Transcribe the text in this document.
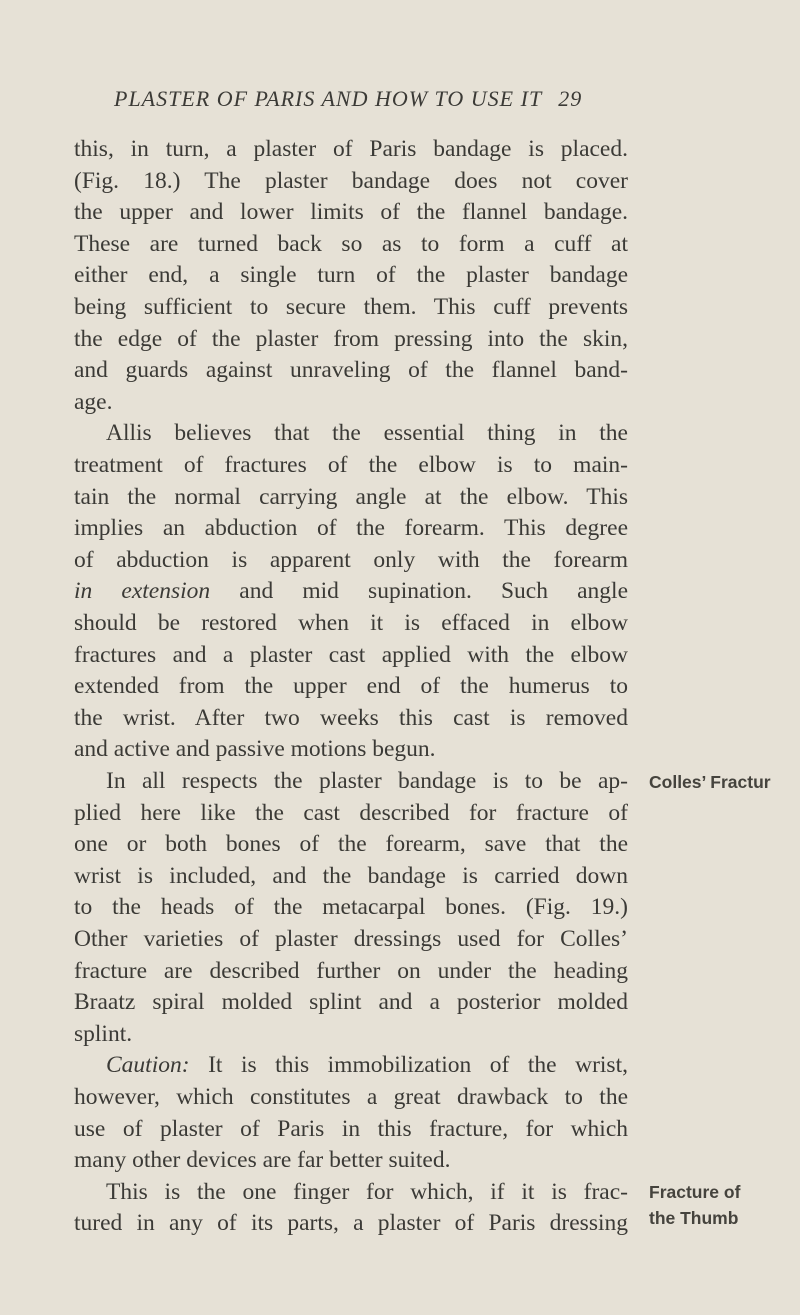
PLASTER OF PARIS AND HOW TO USE IT 29
this, in turn, a plaster of Paris bandage is placed.
(Fig. 18.) The plaster bandage does not cover
the upper and lower limits of the flannel bandage.
These are turned back so as to form a cuff at
either end, a single turn of the plaster bandage
being sufficient to secure them. This cuff prevents
the edge of the plaster from pressing into the skin,
and guards against unraveling of the flannel band-
age.
Allis believes that the essential thing in the
treatment of fractures of the elbow is to main-
tain the normal carrying angle at the elbow. This
implies an abduction of the forearm. This degree
of abduction is apparent only with the forearm
in extension and mid supination. Such angle
should be restored when it is effaced in elbow
fractures and a plaster cast applied with the elbow
extended from the upper end of the humerus to
the wrist. After two weeks this cast is removed
and active and passive motions begun.
In all respects the plaster bandage is to be ap-
plied here like the cast described for fracture of
one or both bones of the forearm, save that the
wrist is included, and the bandage is carried down
to the heads of the metacarpal bones. (Fig. 19.)
Other varieties of plaster dressings used for Colles’
fracture are described further on under the heading
Braatz spiral molded splint and a posterior molded
splint.
Caution: It is this immobilization of the wrist,
however, which constitutes a great drawback to the
use of plaster of Paris in this fracture, for which
many other devices are far better suited.
This is the one finger for which, if it is frac-
tured in any of its parts, a plaster of Paris dressing
Colles’ Fractur
Fracture of
the Thumb
